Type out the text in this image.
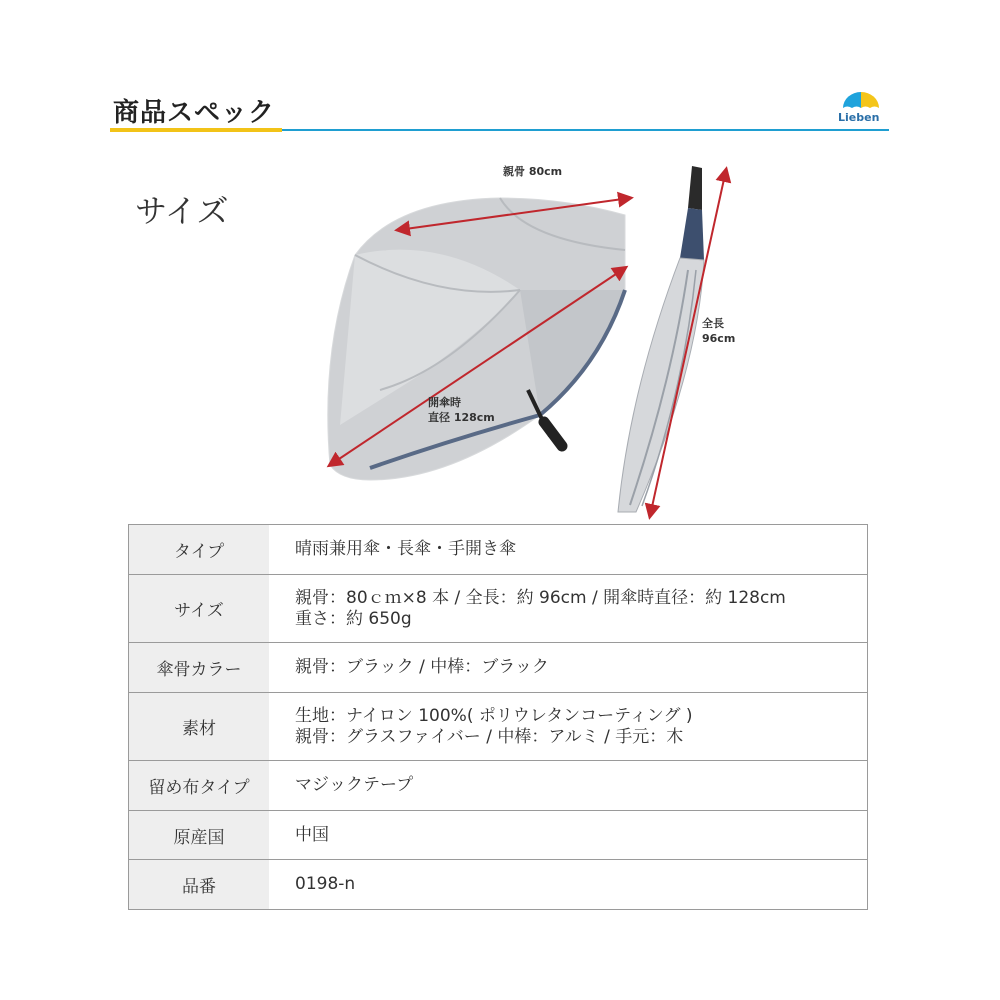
商品スペック	Lieben
サイズ
親骨 80cm
開傘時
直径 128cm
全長
96cm
タイプ	晴雨兼用傘・長傘・手開き傘

サイズ	親骨：80ｃｍ×8 本 / 全長：約 96cm / 開傘時直径：約 128cm
重さ：約 650g

傘骨カラー	親骨：ブラック / 中棒：ブラック

素材	生地：ナイロン 100%( ポリウレタンコーティング )
親骨：グラスファイバー / 中棒：アルミ / 手元：木

留め布タイプ	マジックテープ

原産国	中国

品番	0198-n
